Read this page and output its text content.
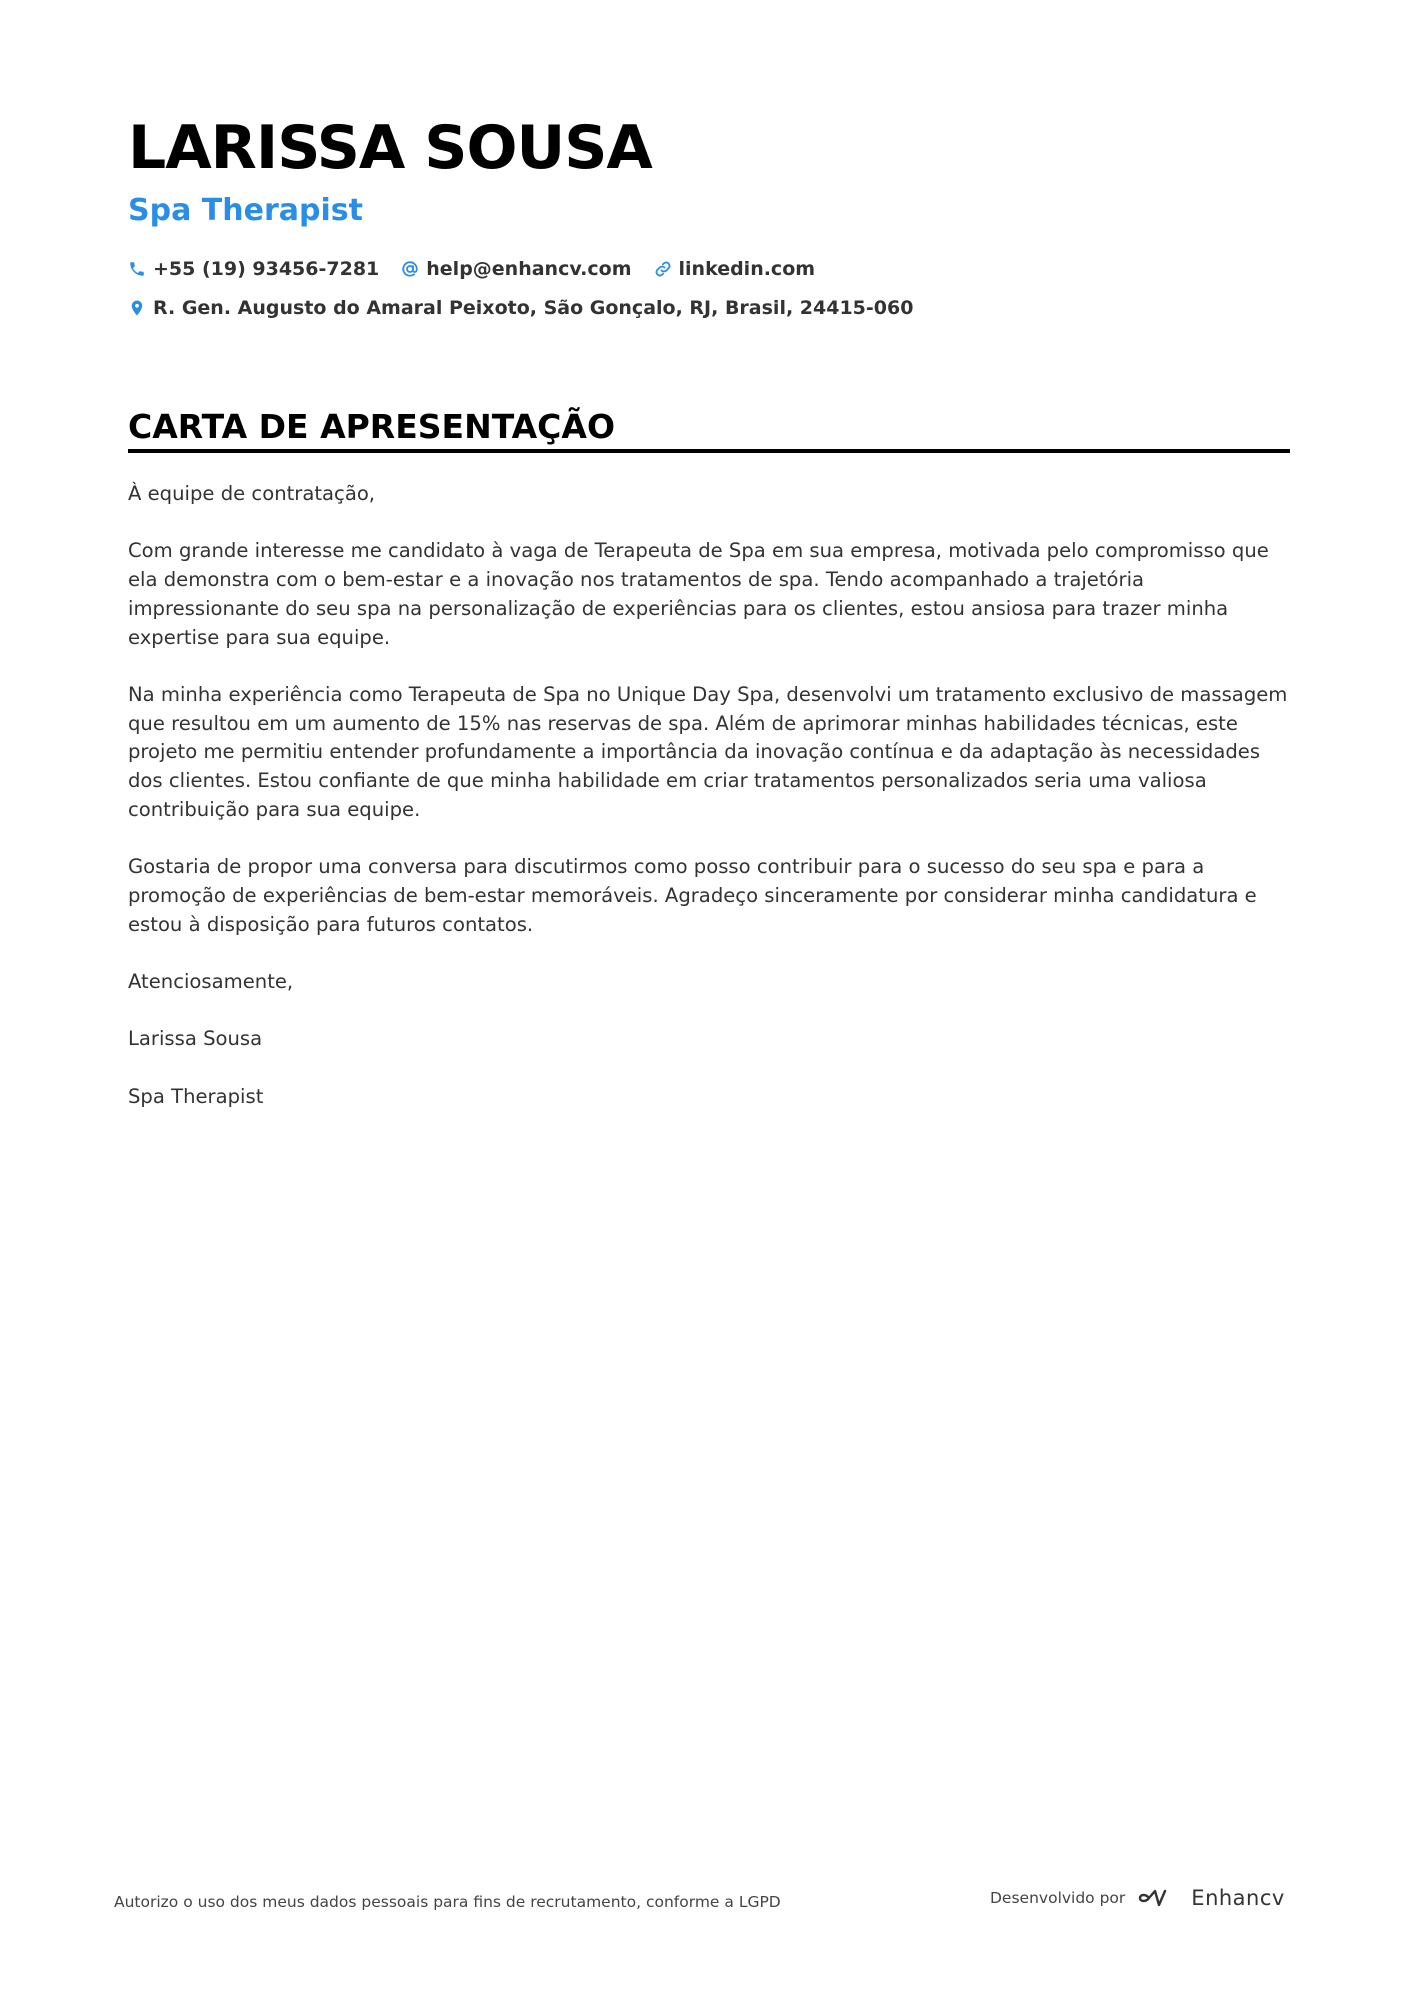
LARISSA SOUSA
Spa Therapist
+55 (19) 93456-7281 help@enhancv.com linkedin.com
R. Gen. Augusto do Amaral Peixoto, São Gonçalo, RJ, Brasil, 24415-060
CARTA DE APRESENTAÇÃO

À equipe de contratação,

Com grande interesse me candidato à vaga de Terapeuta de Spa em sua empresa, motivada pelo compromisso que ela demonstra com o bem-estar e a inovação nos tratamentos de spa. Tendo acompanhado a trajetória impressionante do seu spa na personalização de experiências para os clientes, estou ansiosa para trazer minha expertise para sua equipe.

Na minha experiência como Terapeuta de Spa no Unique Day Spa, desenvolvi um tratamento exclusivo de massagem que resultou em um aumento de 15% nas reservas de spa. Além de aprimorar minhas habilidades técnicas, este projeto me permitiu entender profundamente a importância da inovação contínua e da adaptação às necessidades dos clientes. Estou confiante de que minha habilidade em criar tratamentos personalizados seria uma valiosa contribuição para sua equipe.

Gostaria de propor uma conversa para discutirmos como posso contribuir para o sucesso do seu spa e para a promoção de experiências de bem-estar memoráveis. Agradeço sinceramente por considerar minha candidatura e estou à disposição para futuros contatos.

Atenciosamente,

Larissa Sousa

Spa Therapist

Autorizo o uso dos meus dados pessoais para fins de recrutamento, conforme a LGPD	Desenvolvido por	Enhancv
